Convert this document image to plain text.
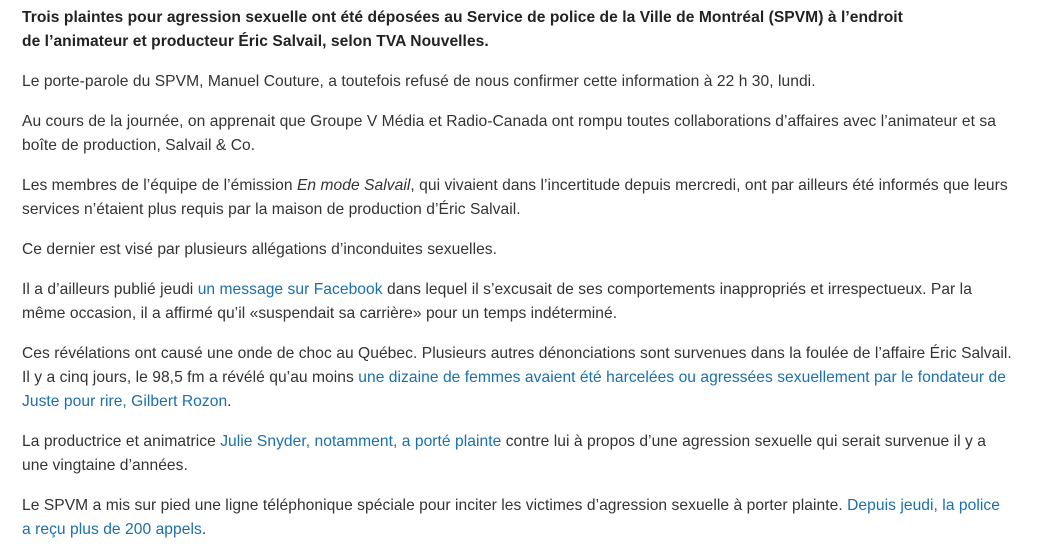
Trois plaintes pour agression sexuelle ont été déposées au Service de police de la Ville de Montréal (SPVM) à l’endroit
de l’animateur et producteur Éric Salvail, selon TVA Nouvelles.

Le porte-parole du SPVM, Manuel Couture, a toutefois refusé de nous confirmer cette information à 22 h 30, lundi.

Au cours de la journée, on apprenait que Groupe V Média et Radio-Canada ont rompu toutes collaborations d’affaires avec l’animateur et sa boîte de production, Salvail & Co.

Les membres de l’équipe de l’émission En mode Salvail, qui vivaient dans l’incertitude depuis mercredi, ont par ailleurs été informés que leurs services n’étaient plus requis par la maison de production d’Éric Salvail.

Ce dernier est visé par plusieurs allégations d’inconduites sexuelles.

Il a d’ailleurs publié jeudi un message sur Facebook dans lequel il s’excusait de ses comportements inappropriés et irrespectueux. Par la même occasion, il a affirmé qu’il «suspendait sa carrière» pour un temps indéterminé.

Ces révélations ont causé une onde de choc au Québec. Plusieurs autres dénonciations sont survenues dans la foulée de l’affaire Éric Salvail. Il y a cinq jours, le 98,5 fm a révélé qu’au moins une dizaine de femmes avaient été harcelées ou agressées sexuellement par le fondateur de Juste pour rire, Gilbert Rozon.

La productrice et animatrice Julie Snyder, notamment, a porté plainte contre lui à propos d’une agression sexuelle qui serait survenue il y a une vingtaine d’années.

Le SPVM a mis sur pied une ligne téléphonique spéciale pour inciter les victimes d’agression sexuelle à porter plainte. Depuis jeudi, la police a reçu plus de 200 appels.
